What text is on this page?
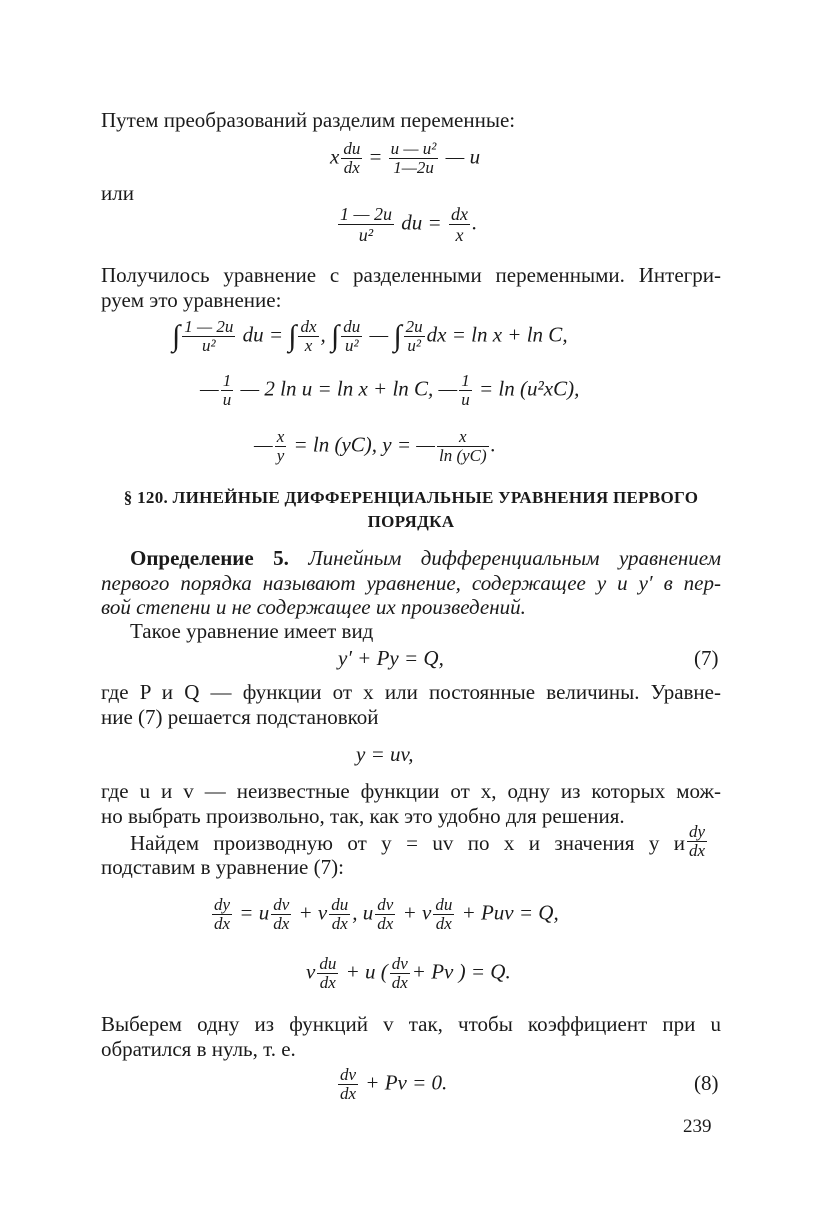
Путем преобразований разделим переменные:
x $\frac{du}{dx} = \frac{\text{u — u²}}{1—2u}$ — u
или
$\frac{1 — 2u}{\text{u²}}$ du = $\frac{dx}{x}$ .
Получилось уравнение с разделенными переменными. Интегри-
руем это уравнение:
∫ $\frac{1 — 2u}{\text{u²}}$ du = ∫ $\frac{dx}{x}$ , ∫ $\frac{du}{\text{u²}}$ — ∫ $\frac{2u}{\text{u²}}$ dx = ln x + ln C,
— $\frac{1}{u}$ — 2 ln u = ln x + ln C, — $\frac{1}{u} = \ln (u^2xC)$,
— $\frac{x}{y} = \ln (yC)$, y = — $\frac{x}{\ln (yC)}$ .
§ 120. ЛИНЕЙНЫЕ ДИФФЕРЕНЦИАЛЬНЫЕ УРАВНЕНИЯ ПЕРВОГО
ПОРЯДКА
Определение 5. Линейным дифференциальным уравнением
первого порядка называют уравнение, содержащее y и y′ в пер-
вой степени и не содержащее их произведений.
Такое уравнение имеет вид
y′ + Py = Q,	(7)
где P и Q — функции от x или постоянные величины. Уравне-
ние (7) решается подстановкой
y = uv,
где u и v — неизвестные функции от x, одну из которых мож-
но выбрать произвольно, так, как это удобно для решения.
Найдем производную от y = uv по x и значения y и $\frac{dy}{dx}$
подставим в уравнение (7):
$\frac{dy}{dx} = u \frac{dv}{dx} + v \frac{du}{dx}$ , u $\frac{dv}{dx} + v \frac{du}{dx}$ + Puv = Q,
v $\frac{du}{dx} + u$ ( $\frac{dv}{dx} + Pv$ ) = Q.
Выберем одну из функций v так, чтобы коэффициент при u
обратился в нуль, т. е.
$\frac{dv}{dx} + Pv = 0$.	(8)
239
